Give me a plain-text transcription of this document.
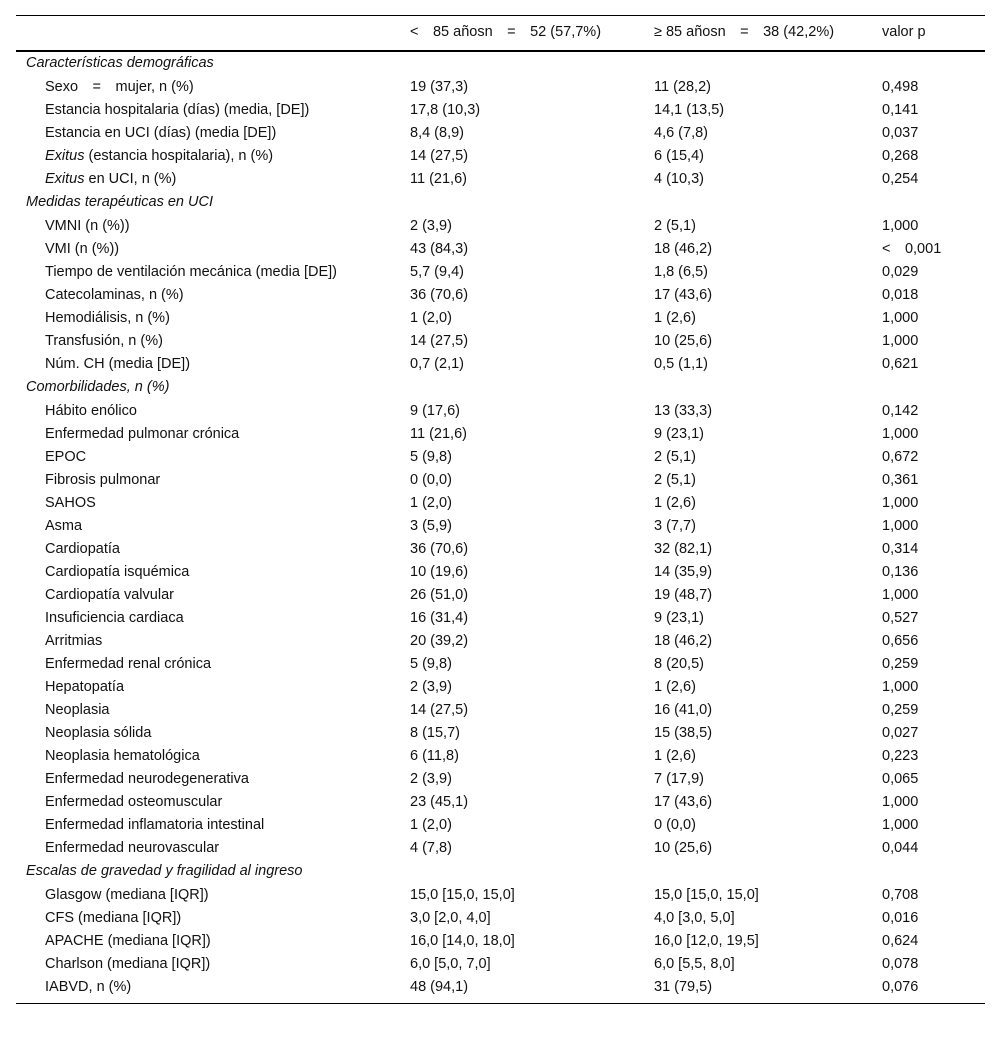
	< 85 añosn = 52 (57,7%)	≥ 85 añosn = 38 (42,2%)	valor p
Características demográficas			
Sexo = mujer, n (%)	19 (37,3)	11 (28,2)	0,498
Estancia hospitalaria (días) (media, [DE])	17,8 (10,3)	14,1 (13,5)	0,141
Estancia en UCI (días) (media [DE])	8,4 (8,9)	4,6 (7,8)	0,037
Exitus (estancia hospitalaria), n (%)	14 (27,5)	6 (15,4)	0,268
Exitus en UCI, n (%)	11 (21,6)	4 (10,3)	0,254
Medidas terapéuticas en UCI			
VMNI (n (%))	2 (3,9)	2 (5,1)	1,000
VMI (n (%))	43 (84,3)	18 (46,2)	< 0,001
Tiempo de ventilación mecánica (media [DE])	5,7 (9,4)	1,8 (6,5)	0,029
Catecolaminas, n (%)	36 (70,6)	17 (43,6)	0,018
Hemodiálisis, n (%)	1 (2,0)	1 (2,6)	1,000
Transfusión, n (%)	14 (27,5)	10 (25,6)	1,000
Núm. CH (media [DE])	0,7 (2,1)	0,5 (1,1)	0,621
Comorbilidades, n (%)			
Hábito enólico	9 (17,6)	13 (33,3)	0,142
Enfermedad pulmonar crónica	11 (21,6)	9 (23,1)	1,000
EPOC	5 (9,8)	2 (5,1)	0,672
Fibrosis pulmonar	0 (0,0)	2 (5,1)	0,361
SAHOS	1 (2,0)	1 (2,6)	1,000
Asma	3 (5,9)	3 (7,7)	1,000
Cardiopatía	36 (70,6)	32 (82,1)	0,314
Cardiopatía isquémica	10 (19,6)	14 (35,9)	0,136
Cardiopatía valvular	26 (51,0)	19 (48,7)	1,000
Insuficiencia cardiaca	16 (31,4)	9 (23,1)	0,527
Arritmias	20 (39,2)	18 (46,2)	0,656
Enfermedad renal crónica	5 (9,8)	8 (20,5)	0,259
Hepatopatía	2 (3,9)	1 (2,6)	1,000
Neoplasia	14 (27,5)	16 (41,0)	0,259
Neoplasia sólida	8 (15,7)	15 (38,5)	0,027
Neoplasia hematológica	6 (11,8)	1 (2,6)	0,223
Enfermedad neurodegenerativa	2 (3,9)	7 (17,9)	0,065
Enfermedad osteomuscular	23 (45,1)	17 (43,6)	1,000
Enfermedad inflamatoria intestinal	1 (2,0)	0 (0,0)	1,000
Enfermedad neurovascular	4 (7,8)	10 (25,6)	0,044
Escalas de gravedad y fragilidad al ingreso			
Glasgow (mediana [IQR])	15,0 [15,0, 15,0]	15,0 [15,0, 15,0]	0,708
CFS (mediana [IQR])	3,0 [2,0, 4,0]	4,0 [3,0, 5,0]	0,016
APACHE (mediana [IQR])	16,0 [14,0, 18,0]	16,0 [12,0, 19,5]	0,624
Charlson (mediana [IQR])	6,0 [5,0, 7,0]	6,0 [5,5, 8,0]	0,078
IABVD, n (%)	48 (94,1)	31 (79,5)	0,076
